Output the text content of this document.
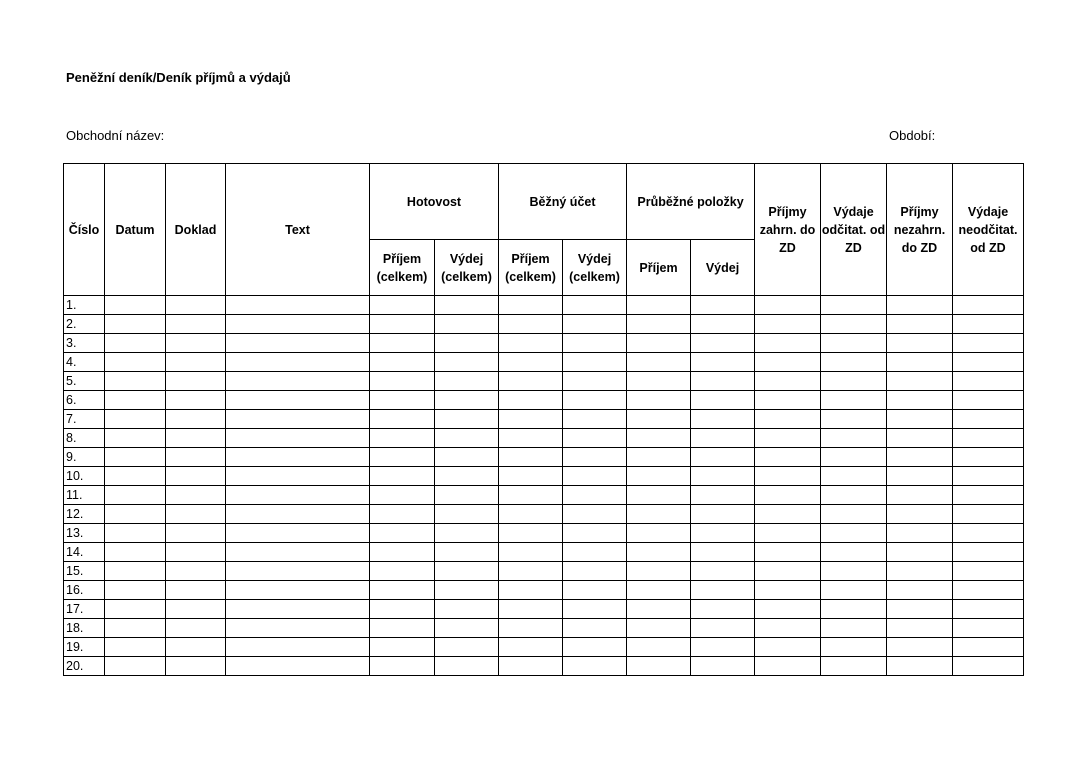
Peněžní deník/Deník příjmů a výdajů
Obchodní název:	Období:
Číslo	Datum	Doklad	Text	Hotovost		Běžný účet		Průběžné položky		Příjmy zahrn. do ZD	Výdaje odčitat. od ZD	Příjmy nezahrn. do ZD	Výdaje neodčitat. od ZD
				Příjem (celkem)	Výdej (celkem)	Příjem (celkem)	Výdej (celkem)	Příjem	Výdej				
1.													
2.													
3.													
4.													
5.													
6.													
7.													
8.													
9.													
10.													
11.													
12.													
13.													
14.													
15.													
16.													
17.													
18.													
19.													
20.													
